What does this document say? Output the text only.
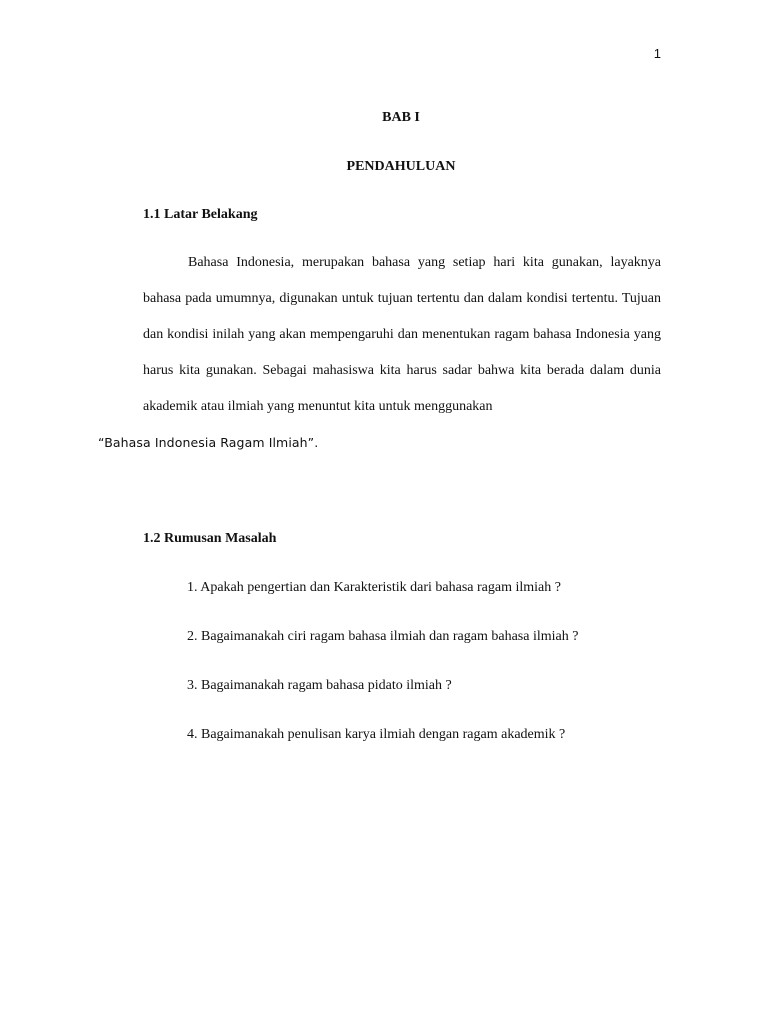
1
BAB I
PENDAHULUAN
1.1 Latar Belakang

Bahasa Indonesia, merupakan bahasa yang setiap hari kita gunakan, layaknya bahasa pada umumnya, digunakan untuk tujuan tertentu dan dalam kondisi tertentu. Tujuan dan kondisi inilah yang akan mempengaruhi dan menentukan ragam bahasa Indonesia yang harus kita gunakan. Sebagai mahasiswa kita harus sadar bahwa kita berada dalam dunia akademik atau ilmiah yang menuntut kita untuk menggunakan
“Bahasa Indonesia Ragam Ilmiah”.

1.2 Rumusan Masalah
1. Apakah pengertian dan Karakteristik dari bahasa ragam ilmiah ?
2. Bagaimanakah ciri ragam bahasa ilmiah dan ragam bahasa ilmiah ?
3. Bagaimanakah ragam bahasa pidato ilmiah ?
4. Bagaimanakah penulisan karya ilmiah dengan ragam akademik ?
